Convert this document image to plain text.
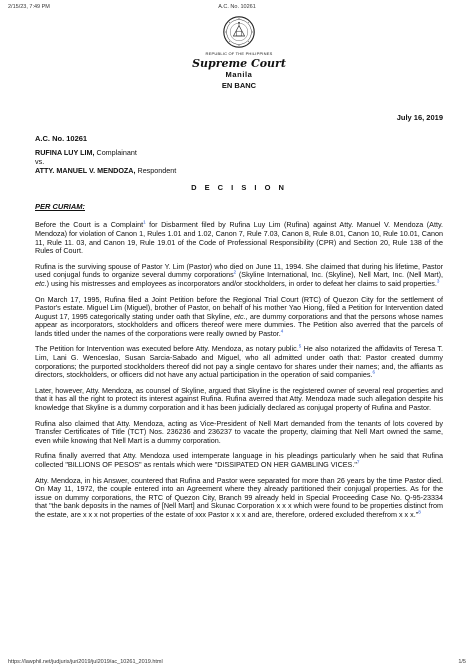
2/15/23, 7:49 PM	A.C. No. 10261
REPUBLIC OF THE PHILIPPINES
Supreme Court
Manila
EN BANC
July 16, 2019
A.C. No. 10261
RUFINA LUY LIM, Complainant
vs.
ATTY. MANUEL V. MENDOZA, Respondent
D E C I S I O N
PER CURIAM:

Before the Court is a Complaint$^1$ for Disbarment filed by Rufina Luy Lim (Rufina) against Atty. Manuel V. Mendoza (Atty. Mendoza) for violation of Canon 1, Rules 1.01 and 1.02, Canon 7, Rule 7.03, Canon 8, Rule 8.01, Canon 10, Rule 10.01, Canon 11, Rule 11. 03, and Canon 19, Rule 19.01 of the Code of Professional Responsibility (CPR) and Section 20, Rule 138 of the Rules of Court.

Rufina is the surviving spouse of Pastor Y. Lim (Pastor) who died on June 11, 1994. She claimed that during his lifetime, Pastor used conjugal funds to organize several dummy corporations$^2$ (Skyline International, Inc. (Skyline), Nell Mart, Inc. (Nell Mart), etc.) using his mistresses and employees as incorporators and/or stockholders, in order to defeat her claims to said properties.$^3$

On March 17, 1995, Rufina filed a Joint Petition before the Regional Trial Court (RTC) of Quezon City for the settlement of Pastor's estate. Miguel Lim (Miguel), brother of Pastor, on behalf of his mother Yao Hiong, filed a Petition for Intervention dated August 17, 1995 categorically stating under oath that Skyline, etc., are dummy corporations and that the persons whose names appear as incorporators, stockholders and officers thereof were mere dummies. The Petition also averred that the parcels of lands titled under the names of the corporations were really owned by Pastor.$^4$

The Petition for Intervention was executed before Atty. Mendoza, as notary public.$^5$ He also notarized the affidavits of Teresa T. Lim, Lani G. Wenceslao, Susan Sarcia-Sabado and Miguel, who all admitted under oath that: Pastor created dummy corporations; the purported stockholders thereof did not pay a single centavo for shares under their names; and, the affiants as directors, stockholders, or officers did not have any actual participation in the operation of said companies.$^6$

Later, however, Atty. Mendoza, as counsel of Skyline, argued that Skyline is the registered owner of several real properties and that it has all the right to protect its interest against Rufina. Rufina averred that Atty. Mendoza made such allegation despite his knowledge that Skyline is a dummy corporation and it has been judicially declared as conjugal property of Rufina and Pastor.

Rufina also claimed that Atty. Mendoza, acting as Vice-President of Nell Mart demanded from the tenants of lots covered by Transfer Certificates of Title (TCT) Nos. 236236 and 236237 to vacate the property, claiming that Nell Mart owned the same, even while knowing that Nell Mart is a dummy corporation.

Rufina finally averred that Atty. Mendoza used intemperate language in his pleadings particularly when he said that Rufina collected "BILLIONS OF PESOS" as rentals which were "DISSIPATED ON HER GAMBLING VICES."$^7$

Atty. Mendoza, in his Answer, countered that Rufina and Pastor were separated for more than 26 years by the time Pastor died. On May 11, 1972, the couple entered into an Agreement where they already partitioned their conjugal properties. As for the issue on dummy corporations, the RTC of Quezon City, Branch 99 already held in Special Proceeding Case No. Q-95-23334 that "the bank deposits in the names of [Nell Mart] and Skunac Corporation x x x which were found to be properties distinct from the estate, are x x x not properties of the estate of xxx Pastor x x x and are, therefore, ordered excluded therefrom x x x."$^8$

https://lawphil.net/judjuris/juri2019/jul2019/ac_10261_2019.html	1/5
